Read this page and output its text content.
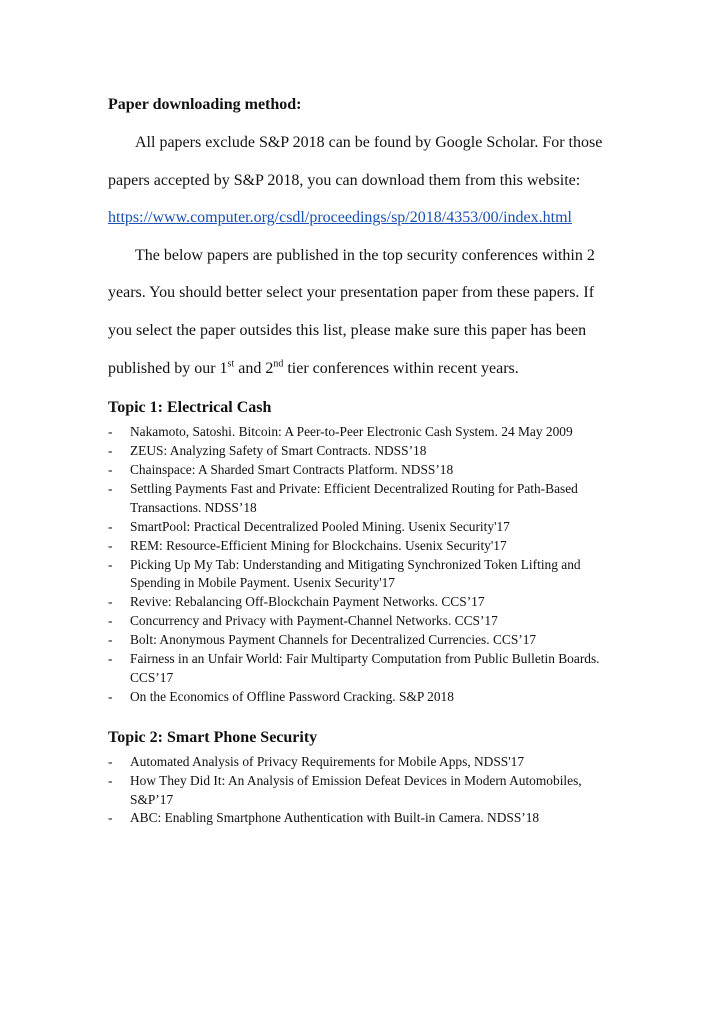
Paper downloading method:

All papers exclude S&P 2018 can be found by Google Scholar. For those papers accepted by S&P 2018, you can download them from this website:

https://www.computer.org/csdl/proceedings/sp/2018/4353/00/index.html

The below papers are published in the top security conferences within 2 years. You should better select your presentation paper from these papers. If you select the paper outsides this list, please make sure this paper has been published by our 1st and 2nd tier conferences within recent years.

Topic 1: Electrical Cash

- Nakamoto, Satoshi. Bitcoin: A Peer-to-Peer Electronic Cash System. 24 May 2009
- ZEUS: Analyzing Safety of Smart Contracts. NDSS’18
- Chainspace: A Sharded Smart Contracts Platform. NDSS’18
- Settling Payments Fast and Private: Efficient Decentralized Routing for Path-Based Transactions. NDSS’18
- SmartPool: Practical Decentralized Pooled Mining. Usenix Security'17
- REM: Resource-Efficient Mining for Blockchains. Usenix Security'17
- Picking Up My Tab: Understanding and Mitigating Synchronized Token Lifting and Spending in Mobile Payment. Usenix Security'17
- Revive: Rebalancing Off-Blockchain Payment Networks. CCS’17
- Concurrency and Privacy with Payment-Channel Networks. CCS’17
- Bolt: Anonymous Payment Channels for Decentralized Currencies. CCS’17
- Fairness in an Unfair World: Fair Multiparty Computation from Public Bulletin Boards. CCS’17
- On the Economics of Offline Password Cracking. S&P 2018

Topic 2: Smart Phone Security

- Automated Analysis of Privacy Requirements for Mobile Apps, NDSS'17
- How They Did It: An Analysis of Emission Defeat Devices in Modern Automobiles, S&P’17
- ABC: Enabling Smartphone Authentication with Built-in Camera. NDSS’18
